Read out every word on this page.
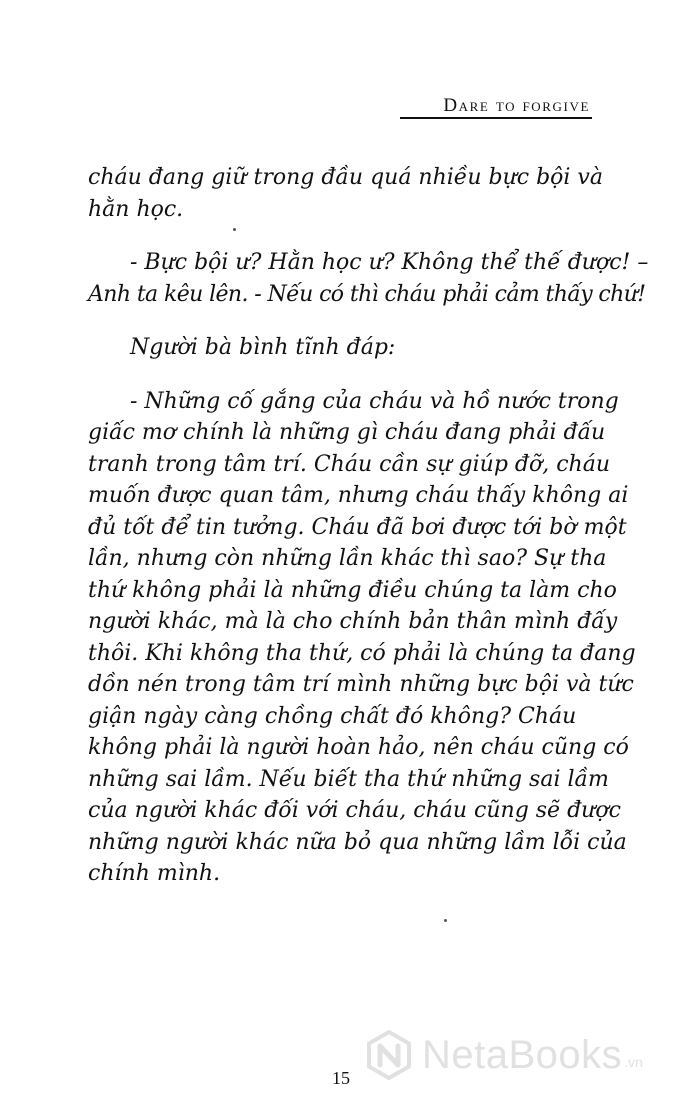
Dare to forgive
cháu đang giữ trong đầu quá nhiều bực bội và
hằn học.
- Bực bội ư? Hằn học ư? Không thể thế được! –
Anh ta kêu lên. - Nếu có thì cháu phải cảm thấy chứ!
Người bà bình tĩnh đáp:
- Những cố gắng của cháu và hồ nước trong
giấc mơ chính là những gì cháu đang phải đấu
tranh trong tâm trí. Cháu cần sự giúp đỡ, cháu
muốn được quan tâm, nhưng cháu thấy không ai
đủ tốt để tin tưởng. Cháu đã bơi được tới bờ một
lần, nhưng còn những lần khác thì sao? Sự tha
thứ không phải là những điều chúng ta làm cho
người khác, mà là cho chính bản thân mình đấy
thôi. Khi không tha thứ, có phải là chúng ta đang
dồn nén trong tâm trí mình những bực bội và tức
giận ngày càng chồng chất đó không? Cháu
không phải là người hoàn hảo, nên cháu cũng có
những sai lầm. Nếu biết tha thứ những sai lầm
của người khác đối với cháu, cháu cũng sẽ được
những người khác nữa bỏ qua những lầm lỗi của
chính mình.
15
NetaBooks .vn
